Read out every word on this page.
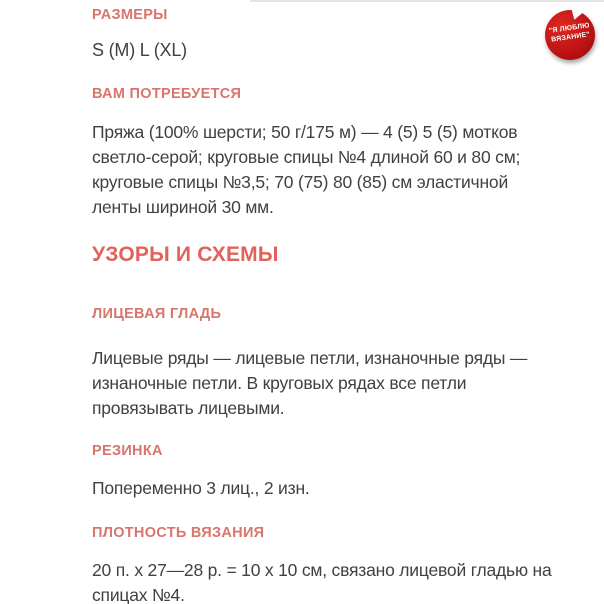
"Я ЛЮБЛЮ
ВЯЗАНИЕ"
РАЗМЕРЫ

S (M) L (XL)

ВАМ ПОТРЕБУЕТСЯ

Пряжа (100% шерсти; 50 г/175 м) — 4 (5) 5 (5) мотков светло-серой; круговые спицы №4 длиной 60 и 80 см; круговые спицы №3,5; 70 (75) 80 (85) см эластичной ленты шириной 30 мм.

УЗОРЫ И СХЕМЫ
ЛИЦЕВАЯ ГЛАДЬ

Лицевые ряды — лицевые петли, изнаночные ряды — изнаночные петли. В круговых рядах все петли провязывать лицевыми.

РЕЗИНКА

Попеременно 3 лиц., 2 изн.

ПЛОТНОСТЬ ВЯЗАНИЯ

20 п. х 27—28 р. = 10 х 10 см, связано лицевой гладью на спицах №4.
